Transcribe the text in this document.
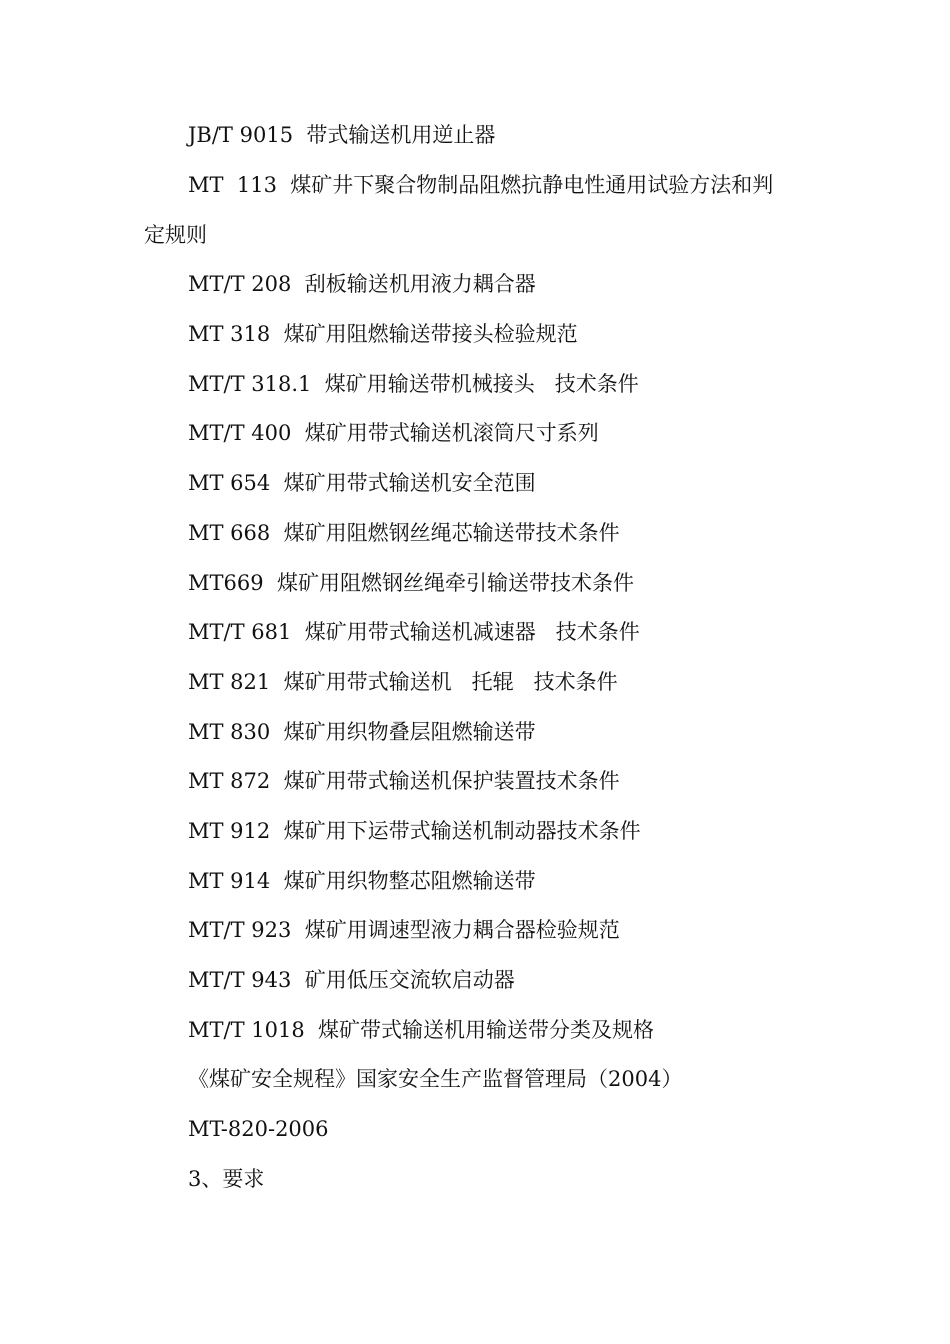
JB/T 9015  带式输送机用逆止器
MT  113  煤矿井下聚合物制品阻燃抗静电性通用试验方法和判
定规则
MT/T 208  刮板输送机用液力耦合器
MT 318  煤矿用阻燃输送带接头检验规范
MT/T 318.1  煤矿用输送带机械接头   技术条件
MT/T 400  煤矿用带式输送机滚筒尺寸系列
MT 654  煤矿用带式输送机安全范围
MT 668  煤矿用阻燃钢丝绳芯输送带技术条件
MT669  煤矿用阻燃钢丝绳牵引输送带技术条件
MT/T 681  煤矿用带式输送机减速器   技术条件
MT 821  煤矿用带式输送机   托辊   技术条件
MT 830  煤矿用织物叠层阻燃输送带
MT 872  煤矿用带式输送机保护装置技术条件
MT 912  煤矿用下运带式输送机制动器技术条件
MT 914  煤矿用织物整芯阻燃输送带
MT/T 923  煤矿用调速型液力耦合器检验规范
MT/T 943  矿用低压交流软启动器
MT/T 1018  煤矿带式输送机用输送带分类及规格
《煤矿安全规程》国家安全生产监督管理局（2004）
MT-820-2006
3、要求
